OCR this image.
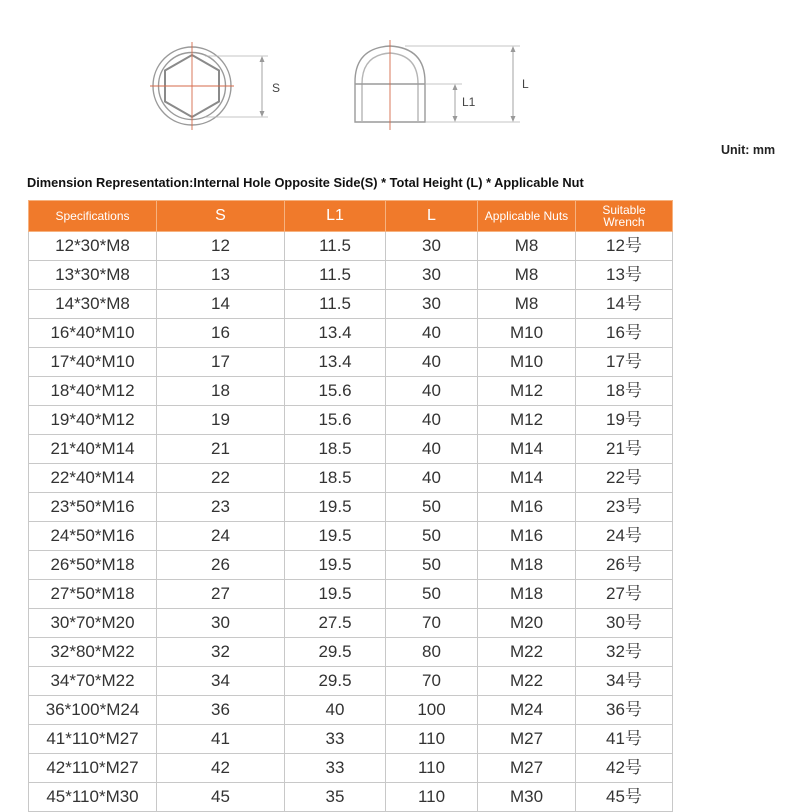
S
L1
L
Unit: mm
Dimension Representation:Internal Hole Opposite Side(S) * Total Height (L) * Applicable Nut
Specifications	S	L1	L	Applicable Nuts	Suitable
Wrench
12*30*M8	12	11.5	30	M8	12号
13*30*M8	13	11.5	30	M8	13号
14*30*M8	14	11.5	30	M8	14号
16*40*M10	16	13.4	40	M10	16号
17*40*M10	17	13.4	40	M10	17号
18*40*M12	18	15.6	40	M12	18号
19*40*M12	19	15.6	40	M12	19号
21*40*M14	21	18.5	40	M14	21号
22*40*M14	22	18.5	40	M14	22号
23*50*M16	23	19.5	50	M16	23号
24*50*M16	24	19.5	50	M16	24号
26*50*M18	26	19.5	50	M18	26号
27*50*M18	27	19.5	50	M18	27号
30*70*M20	30	27.5	70	M20	30号
32*80*M22	32	29.5	80	M22	32号
34*70*M22	34	29.5	70	M22	34号
36*100*M24	36	40	100	M24	36号
41*110*M27	41	33	110	M27	41号
42*110*M27	42	33	110	M27	42号
45*110*M30	45	35	110	M30	45号
